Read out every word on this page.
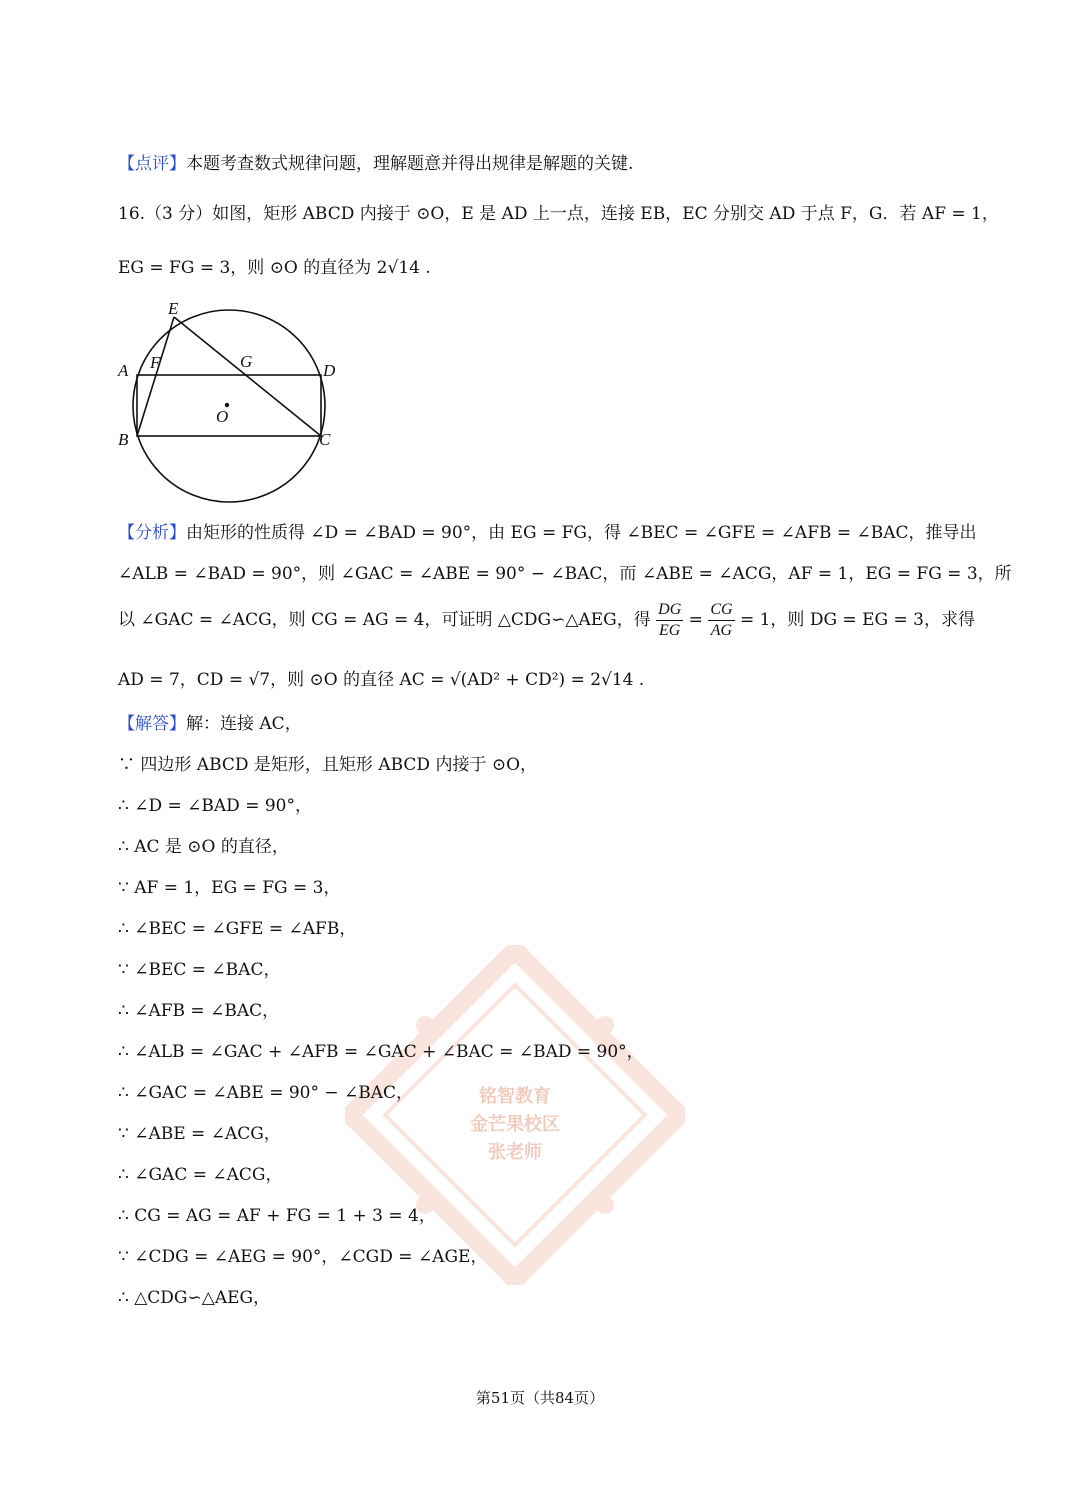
【点评】本题考查数式规律问题，理解题意并得出规律是解题的关键.
16.（3 分）如图，矩形 ABCD 内接于 ⊙O，E 是 AD 上一点，连接 EB，EC 分别交 AD 于点 F，G．若 AF = 1，
EG = FG = 3，则 ⊙O 的直径为 2√14 .
E
A F	G	D
O
B	C
【分析】由矩形的性质得 ∠D = ∠BAD = 90°，由 EG = FG，得 ∠BEC = ∠GFE = ∠AFB = ∠BAC，推导出
∠ALB = ∠BAD = 90°，则 ∠GAC = ∠ABE = 90° − ∠BAC，而 ∠ABE = ∠ACG，AF = 1，EG = FG = 3，所
以 ∠GAC = ∠ACG，则 CG = AG = 4，可证明 △CDG∽△AEG，得 $\frac{DG}{EG} = \frac{CG}{AG} = 1$，则 DG = EG = 3，求得
AD = 7，CD = √7，则 ⊙O 的直径 AC = √(AD² + CD²) = 2√14 .
铭智教育
金芒果校区
张老师
【解答】解：连接 AC，
∵ 四边形 ABCD 是矩形，且矩形 ABCD 内接于 ⊙O，
∴ ∠D = ∠BAD = 90°，
∴ AC 是 ⊙O 的直径，
∵ AF = 1，EG = FG = 3，
∴ ∠BEC = ∠GFE = ∠AFB，
∵ ∠BEC = ∠BAC，
∴ ∠AFB = ∠BAC，
∴ ∠ALB = ∠GAC + ∠AFB = ∠GAC + ∠BAC = ∠BAD = 90°，
∴ ∠GAC = ∠ABE = 90° − ∠BAC，
∵ ∠ABE = ∠ACG，
∴ ∠GAC = ∠ACG，
∴ CG = AG = AF + FG = 1 + 3 = 4，
∵ ∠CDG = ∠AEG = 90°，∠CGD = ∠AGE，
∴ △CDG∽△AEG，
第51页（共84页）
